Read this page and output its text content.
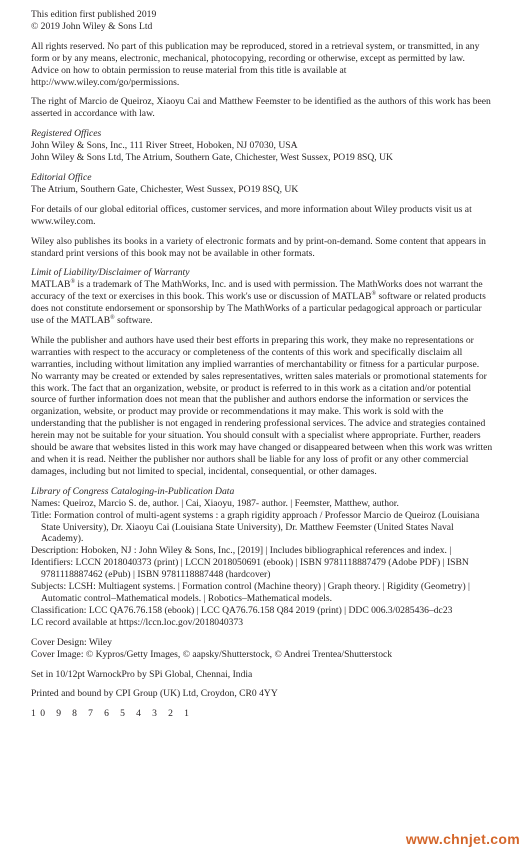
This edition first published 2019

© 2019 John Wiley & Sons Ltd

All rights reserved. No part of this publication may be reproduced, stored in a retrieval system, or transmitted, in any form or by any means, electronic, mechanical, photocopying, recording or otherwise, except as permitted by law. Advice on how to obtain permission to reuse material from this title is available at http://www.wiley.com/go/permissions.

The right of Marcio de Queiroz, Xiaoyu Cai and Matthew Feemster to be identified as the authors of this work has been asserted in accordance with law.

Registered Offices

John Wiley & Sons, Inc., 111 River Street, Hoboken, NJ 07030, USA

John Wiley & Sons Ltd, The Atrium, Southern Gate, Chichester, West Sussex, PO19 8SQ, UK

Editorial Office

The Atrium, Southern Gate, Chichester, West Sussex, PO19 8SQ, UK

For details of our global editorial offices, customer services, and more information about Wiley products visit us at www.wiley.com.

Wiley also publishes its books in a variety of electronic formats and by print-on-demand. Some content that appears in standard print versions of this book may not be available in other formats.

Limit of Liability/Disclaimer of Warranty

MATLAB® is a trademark of The MathWorks, Inc. and is used with permission. The MathWorks does not warrant the accuracy of the text or exercises in this book. This work's use or discussion of MATLAB® software or related products does not constitute endorsement or sponsorship by The MathWorks of a particular pedagogical approach or particular use of the MATLAB® software.

While the publisher and authors have used their best efforts in preparing this work, they make no representations or warranties with respect to the accuracy or completeness of the contents of this work and specifically disclaim all warranties, including without limitation any implied warranties of merchantability or fitness for a particular purpose. No warranty may be created or extended by sales representatives, written sales materials or promotional statements for this work. The fact that an organization, website, or product is referred to in this work as a citation and/or potential source of further information does not mean that the publisher and authors endorse the information or services the organization, website, or product may provide or recommendations it may make. This work is sold with the understanding that the publisher is not engaged in rendering professional services. The advice and strategies contained herein may not be suitable for your situation. You should consult with a specialist where appropriate. Further, readers should be aware that websites listed in this work may have changed or disappeared between when this work was written and when it is read. Neither the publisher nor authors shall be liable for any loss of profit or any other commercial damages, including but not limited to special, incidental, consequential, or other damages.

Library of Congress Cataloging-in-Publication Data

Names: Queiroz, Marcio S. de, author. | Cai, Xiaoyu, 1987- author. | Feemster, Matthew, author.

Title: Formation control of multi-agent systems : a graph rigidity approach / Professor Marcio de Queiroz (Louisiana State University), Dr. Xiaoyu Cai (Louisiana State University), Dr. Matthew Feemster (United States Naval Academy).

Description: Hoboken, NJ : John Wiley & Sons, Inc., [2019] | Includes bibliographical references and index. |

Identifiers: LCCN 2018040373 (print) | LCCN 2018050691 (ebook) | ISBN 9781118887479 (Adobe PDF) | ISBN 9781118887462 (ePub) | ISBN 9781118887448 (hardcover)

Subjects: LCSH: Multiagent systems. | Formation control (Machine theory) | Graph theory. | Rigidity (Geometry) | Automatic control–Mathematical models. | Robotics–Mathematical models.

Classification: LCC QA76.76.158 (ebook) | LCC QA76.76.158 Q84 2019 (print) | DDC 006.3/0285436–dc23

LC record available at https://lccn.loc.gov/2018040373

Cover Design: Wiley

Cover Image: © Kypros/Getty Images, © aapsky/Shutterstock, © Andrei Trentea/Shutterstock

Set in 10/12pt WarnockPro by SPi Global, Chennai, India

Printed and bound by CPI Group (UK) Ltd, Croydon, CR0 4YY

10 9 8 7 6 5 4 3 2 1

www.chnjet.com
